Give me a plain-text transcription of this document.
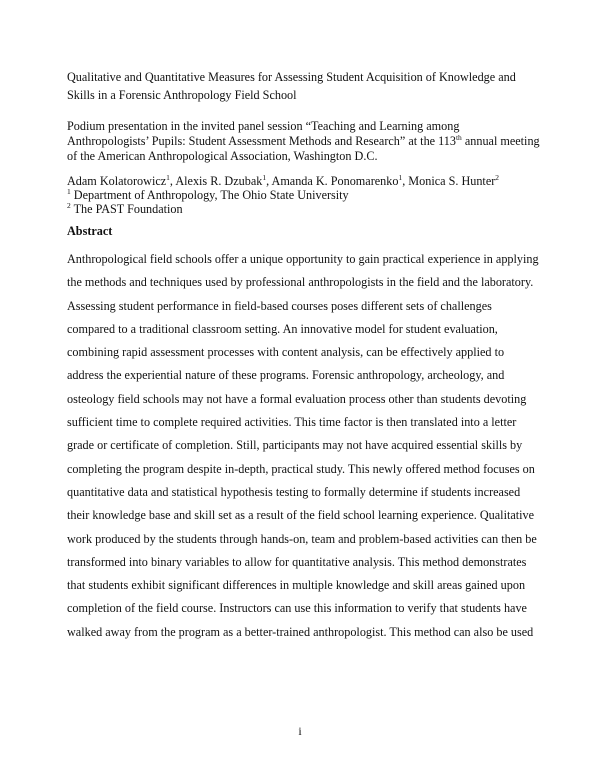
Qualitative and Quantitative Measures for Assessing Student Acquisition of Knowledge and
Skills in a Forensic Anthropology Field School
Podium presentation in the invited panel session “Teaching and Learning among
Anthropologists’ Pupils: Student Assessment Methods and Research” at the 113th annual meeting
of the American Anthropological Association, Washington D.C.
Adam Kolatorowicz$^1$, Alexis R. Dzubak$^1$, Amanda K. Ponomarenko$^1$, Monica S. Hunter$^2$
$^1$ Department of Anthropology, The Ohio State University
$^2$ The PAST Foundation
Abstract
Anthropological field schools offer a unique opportunity to gain practical experience in applying
the methods and techniques used by professional anthropologists in the field and the laboratory.
Assessing student performance in field-based courses poses different sets of challenges
compared to a traditional classroom setting. An innovative model for student evaluation,
combining rapid assessment processes with content analysis, can be effectively applied to
address the experiential nature of these programs. Forensic anthropology, archeology, and
osteology field schools may not have a formal evaluation process other than students devoting
sufficient time to complete required activities. This time factor is then translated into a letter
grade or certificate of completion. Still, participants may not have acquired essential skills by
completing the program despite in-depth, practical study. This newly offered method focuses on
quantitative data and statistical hypothesis testing to formally determine if students increased
their knowledge base and skill set as a result of the field school learning experience. Qualitative
work produced by the students through hands-on, team and problem-based activities can then be
transformed into binary variables to allow for quantitative analysis. This method demonstrates
that students exhibit significant differences in multiple knowledge and skill areas gained upon
completion of the field course. Instructors can use this information to verify that students have
walked away from the program as a better-trained anthropologist. This method can also be used
i
